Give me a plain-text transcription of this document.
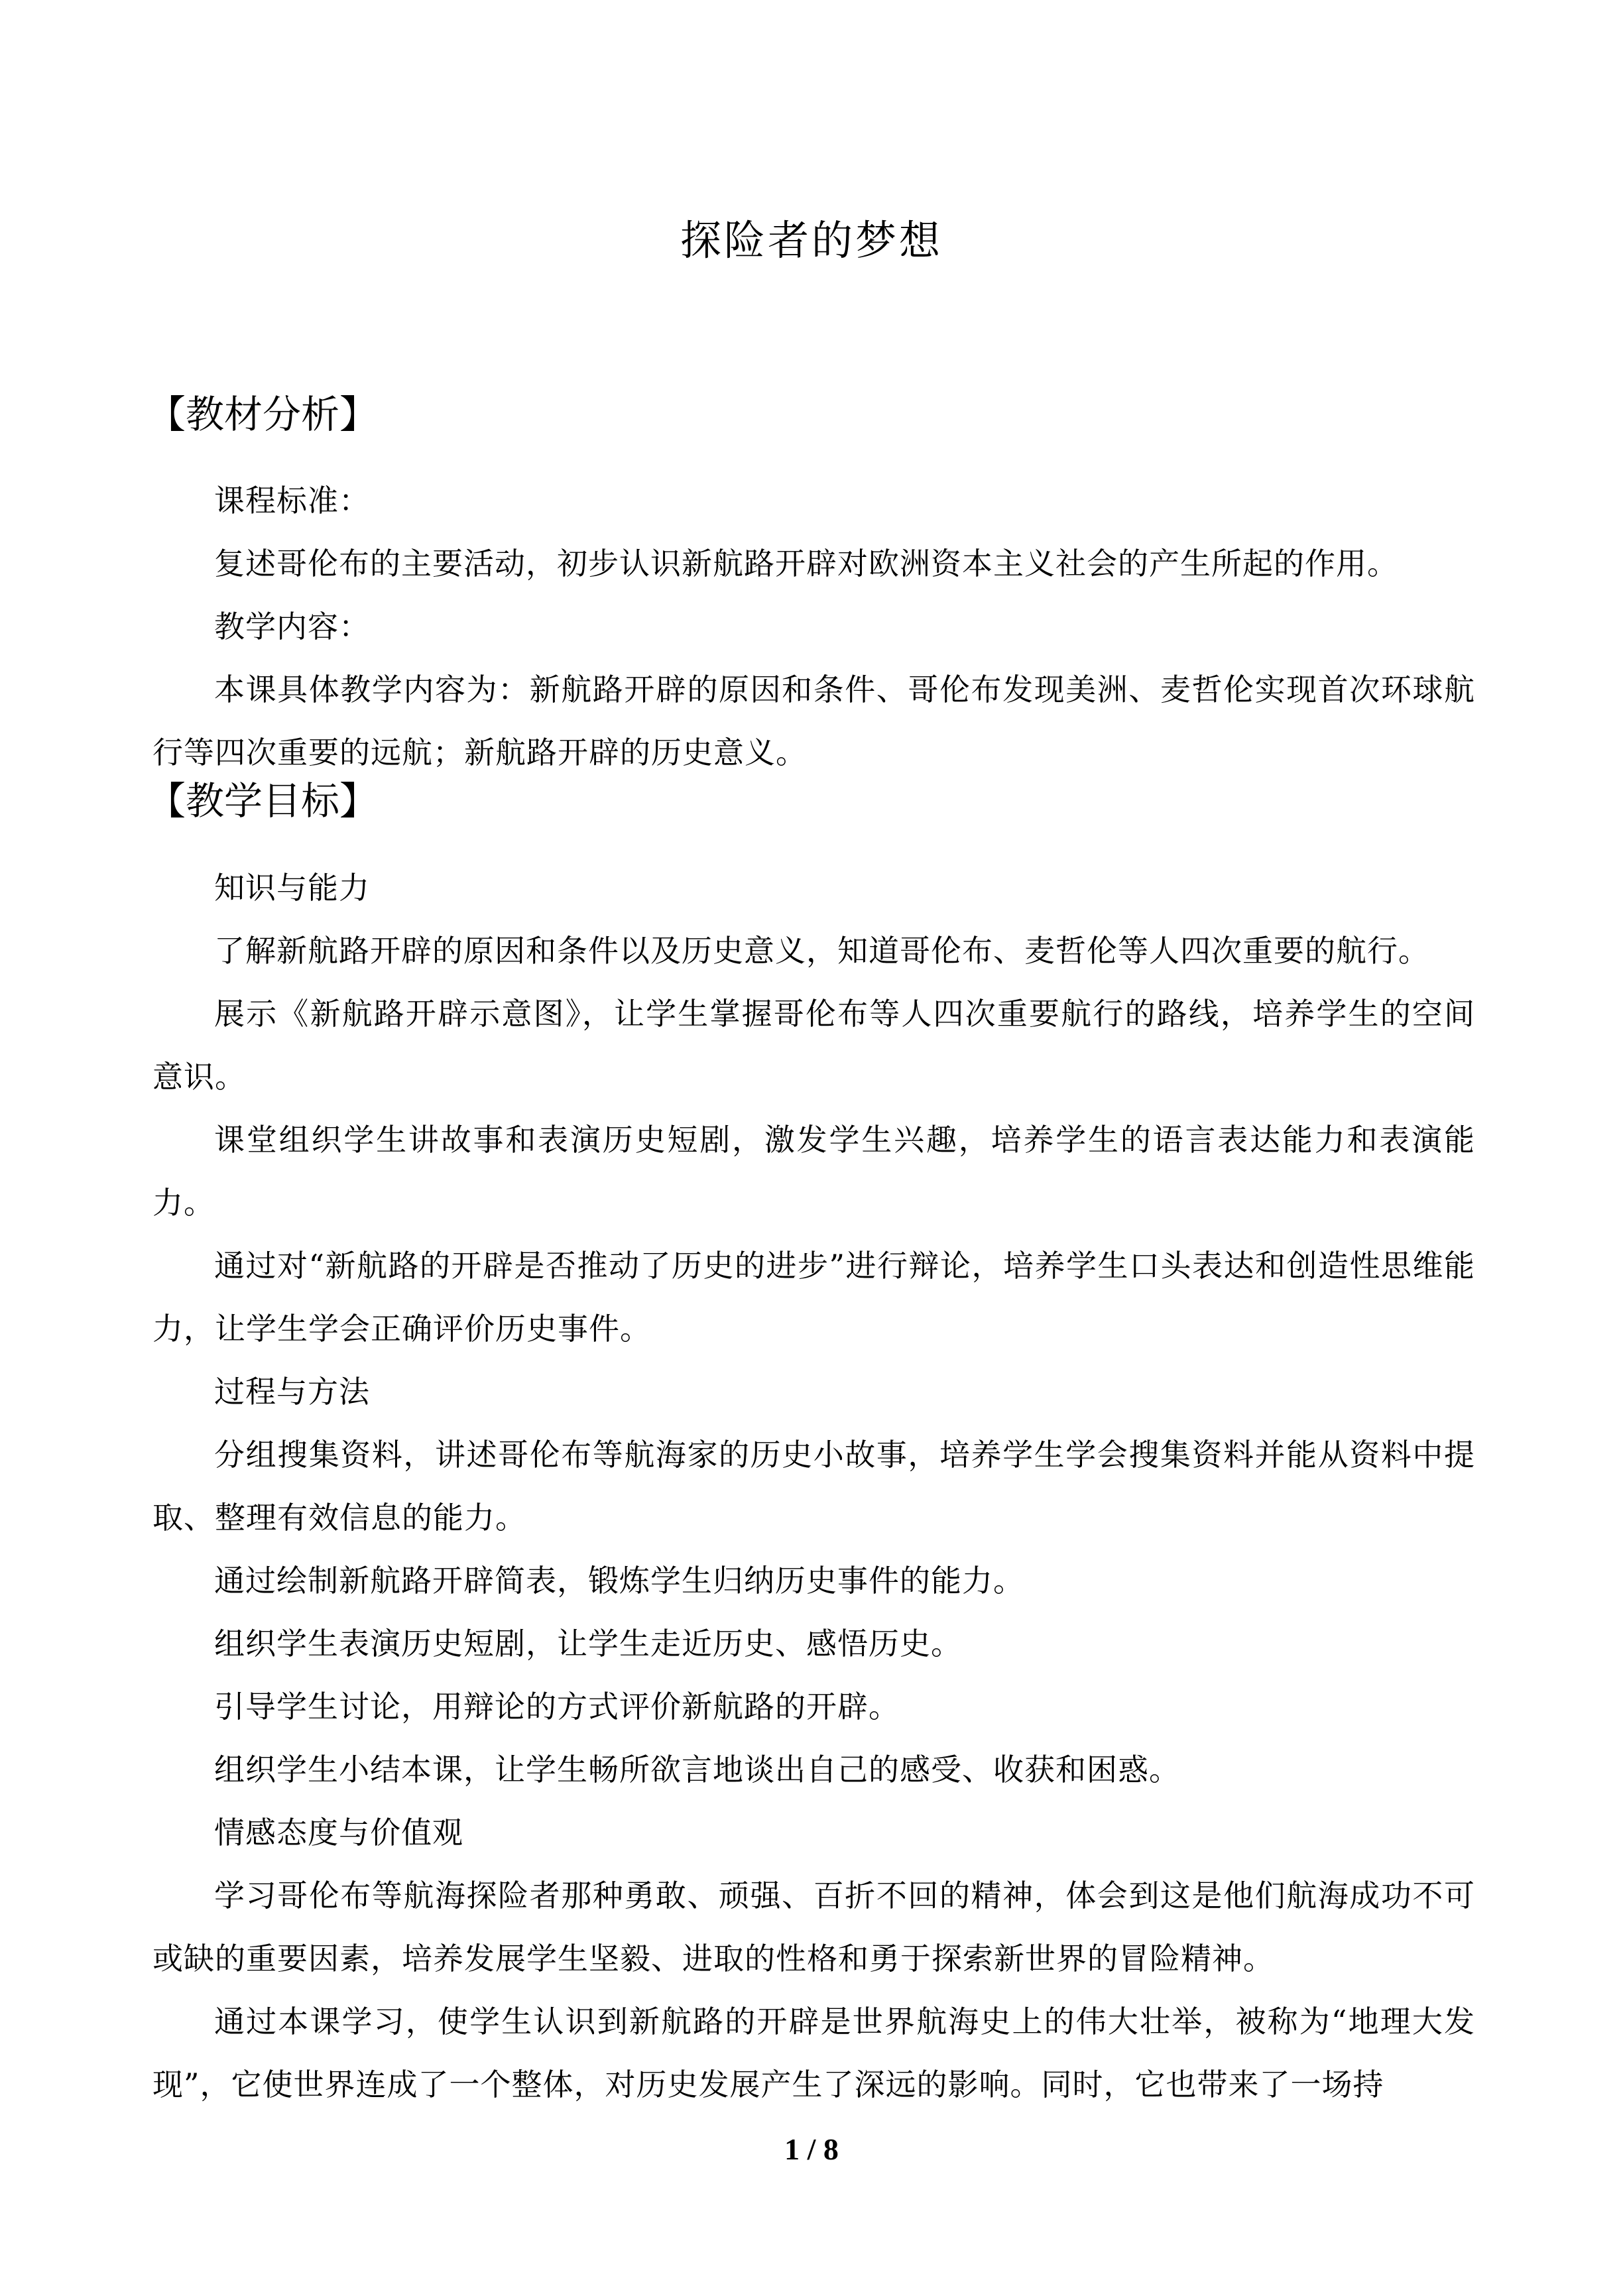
探险者的梦想
【教材分析】

课程标准：

复述哥伦布的主要活动，初步认识新航路开辟对欧洲资本主义社会的产生所起的作用。

教学内容：

本课具体教学内容为：新航路开辟的原因和条件、哥伦布发现美洲、麦哲伦实现首次环球航行等四次重要的远航；新航路开辟的历史意义。

【教学目标】

知识与能力

了解新航路开辟的原因和条件以及历史意义，知道哥伦布、麦哲伦等人四次重要的航行。

展示《新航路开辟示意图》，让学生掌握哥伦布等人四次重要航行的路线，培养学生的空间意识。

课堂组织学生讲故事和表演历史短剧，激发学生兴趣，培养学生的语言表达能力和表演能力。

通过对“新航路的开辟是否推动了历史的进步”进行辩论，培养学生口头表达和创造性思维能力，让学生学会正确评价历史事件。

过程与方法

分组搜集资料，讲述哥伦布等航海家的历史小故事，培养学生学会搜集资料并能从资料中提取、整理有效信息的能力。

通过绘制新航路开辟简表，锻炼学生归纳历史事件的能力。

组织学生表演历史短剧，让学生走近历史、感悟历史。

引导学生讨论，用辩论的方式评价新航路的开辟。

组织学生小结本课，让学生畅所欲言地谈出自己的感受、收获和困惑。

情感态度与价值观

学习哥伦布等航海探险者那种勇敢、顽强、百折不回的精神，体会到这是他们航海成功不可或缺的重要因素，培养发展学生坚毅、进取的性格和勇于探索新世界的冒险精神。

通过本课学习，使学生认识到新航路的开辟是世界航海史上的伟大壮举，被称为“地理大发现”，它使世界连成了一个整体，对历史发展产生了深远的影响。同时，它也带来了一场持

1 / 8
